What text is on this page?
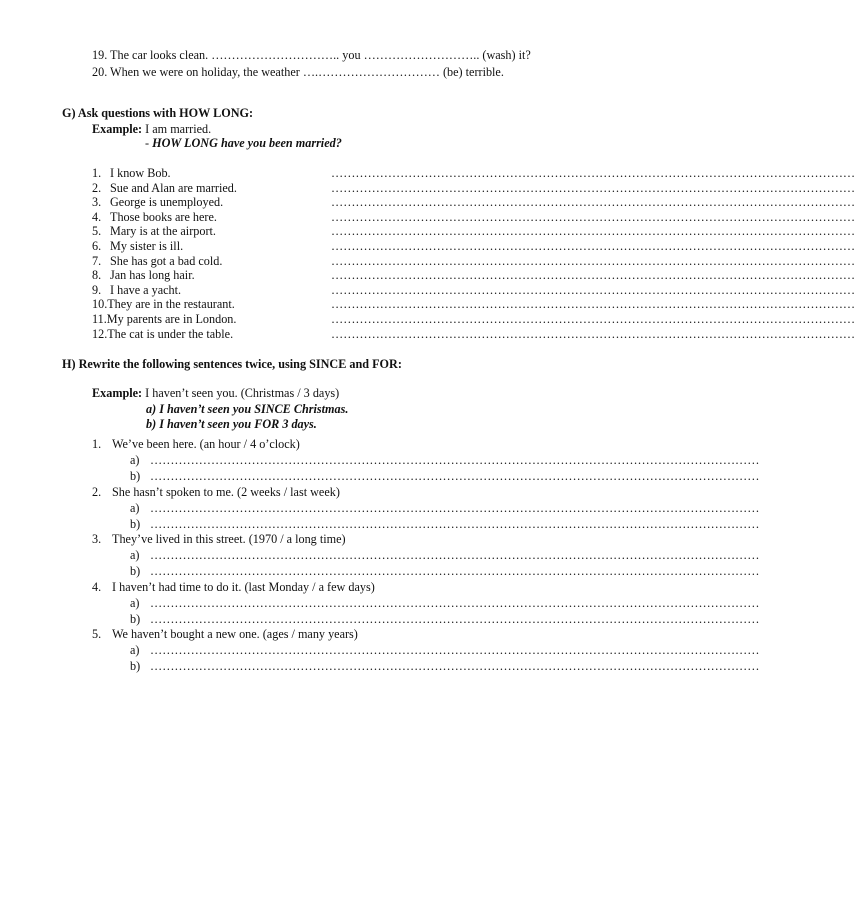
19. The car looks clean. ………………………….. you ……………………….. (wash) it?
20. When we were on holiday, the weather ….………………………… (be) terrible.
G) Ask questions with HOW LONG:
Example: I am married.
- HOW LONG have you been married?
1. I know Bob.	…………………………………………………………………………………………………………………
2. Sue and Alan are married.	…………………………………………………………………………………………………………………
3. George is unemployed.	…………………………………………………………………………………………………………………
4. Those books are here.	…………………………………………………………………………………………………………………
5. Mary is at the airport.	…………………………………………………………………………………………………………………
6. My sister is ill.	…………………………………………………………………………………………………………………
7. She has got a bad cold.	…………………………………………………………………………………………………………………
8. Jan has long hair.	…………………………………………………………………………………………………………………
9. I have a yacht.	…………………………………………………………………………………………………………………
10.They are in the restaurant.	…………………………………………………………………………………………………………………
11.My parents are in London.	…………………………………………………………………………………………………………………
12.The cat is under the table.	…………………………………………………………………………………………………………………
H) Rewrite the following sentences twice, using SINCE and FOR:
Example: I haven’t seen you. (Christmas / 3 days)
a) I haven’t seen you SINCE Christmas.
b) I haven’t seen you FOR 3 days.
1. We’ve been here. (an hour / 4 o’clock)
a) ……………………………………………………………………………………………………………………………………
b) ……………………………………………………………………………………………………………………………………
2. She hasn’t spoken to me. (2 weeks / last week)
a) ……………………………………………………………………………………………………………………………………
b) ……………………………………………………………………………………………………………………………………
3. They’ve lived in this street. (1970 / a long time)
a) ……………………………………………………………………………………………………………………………………
b) ……………………………………………………………………………………………………………………………………
4. I haven’t had time to do it. (last Monday / a few days)
a) ……………………………………………………………………………………………………………………………………
b) ……………………………………………………………………………………………………………………………………
5. We haven’t bought a new one. (ages / many years)
a) ……………………………………………………………………………………………………………………………………
b) ……………………………………………………………………………………………………………………………………
